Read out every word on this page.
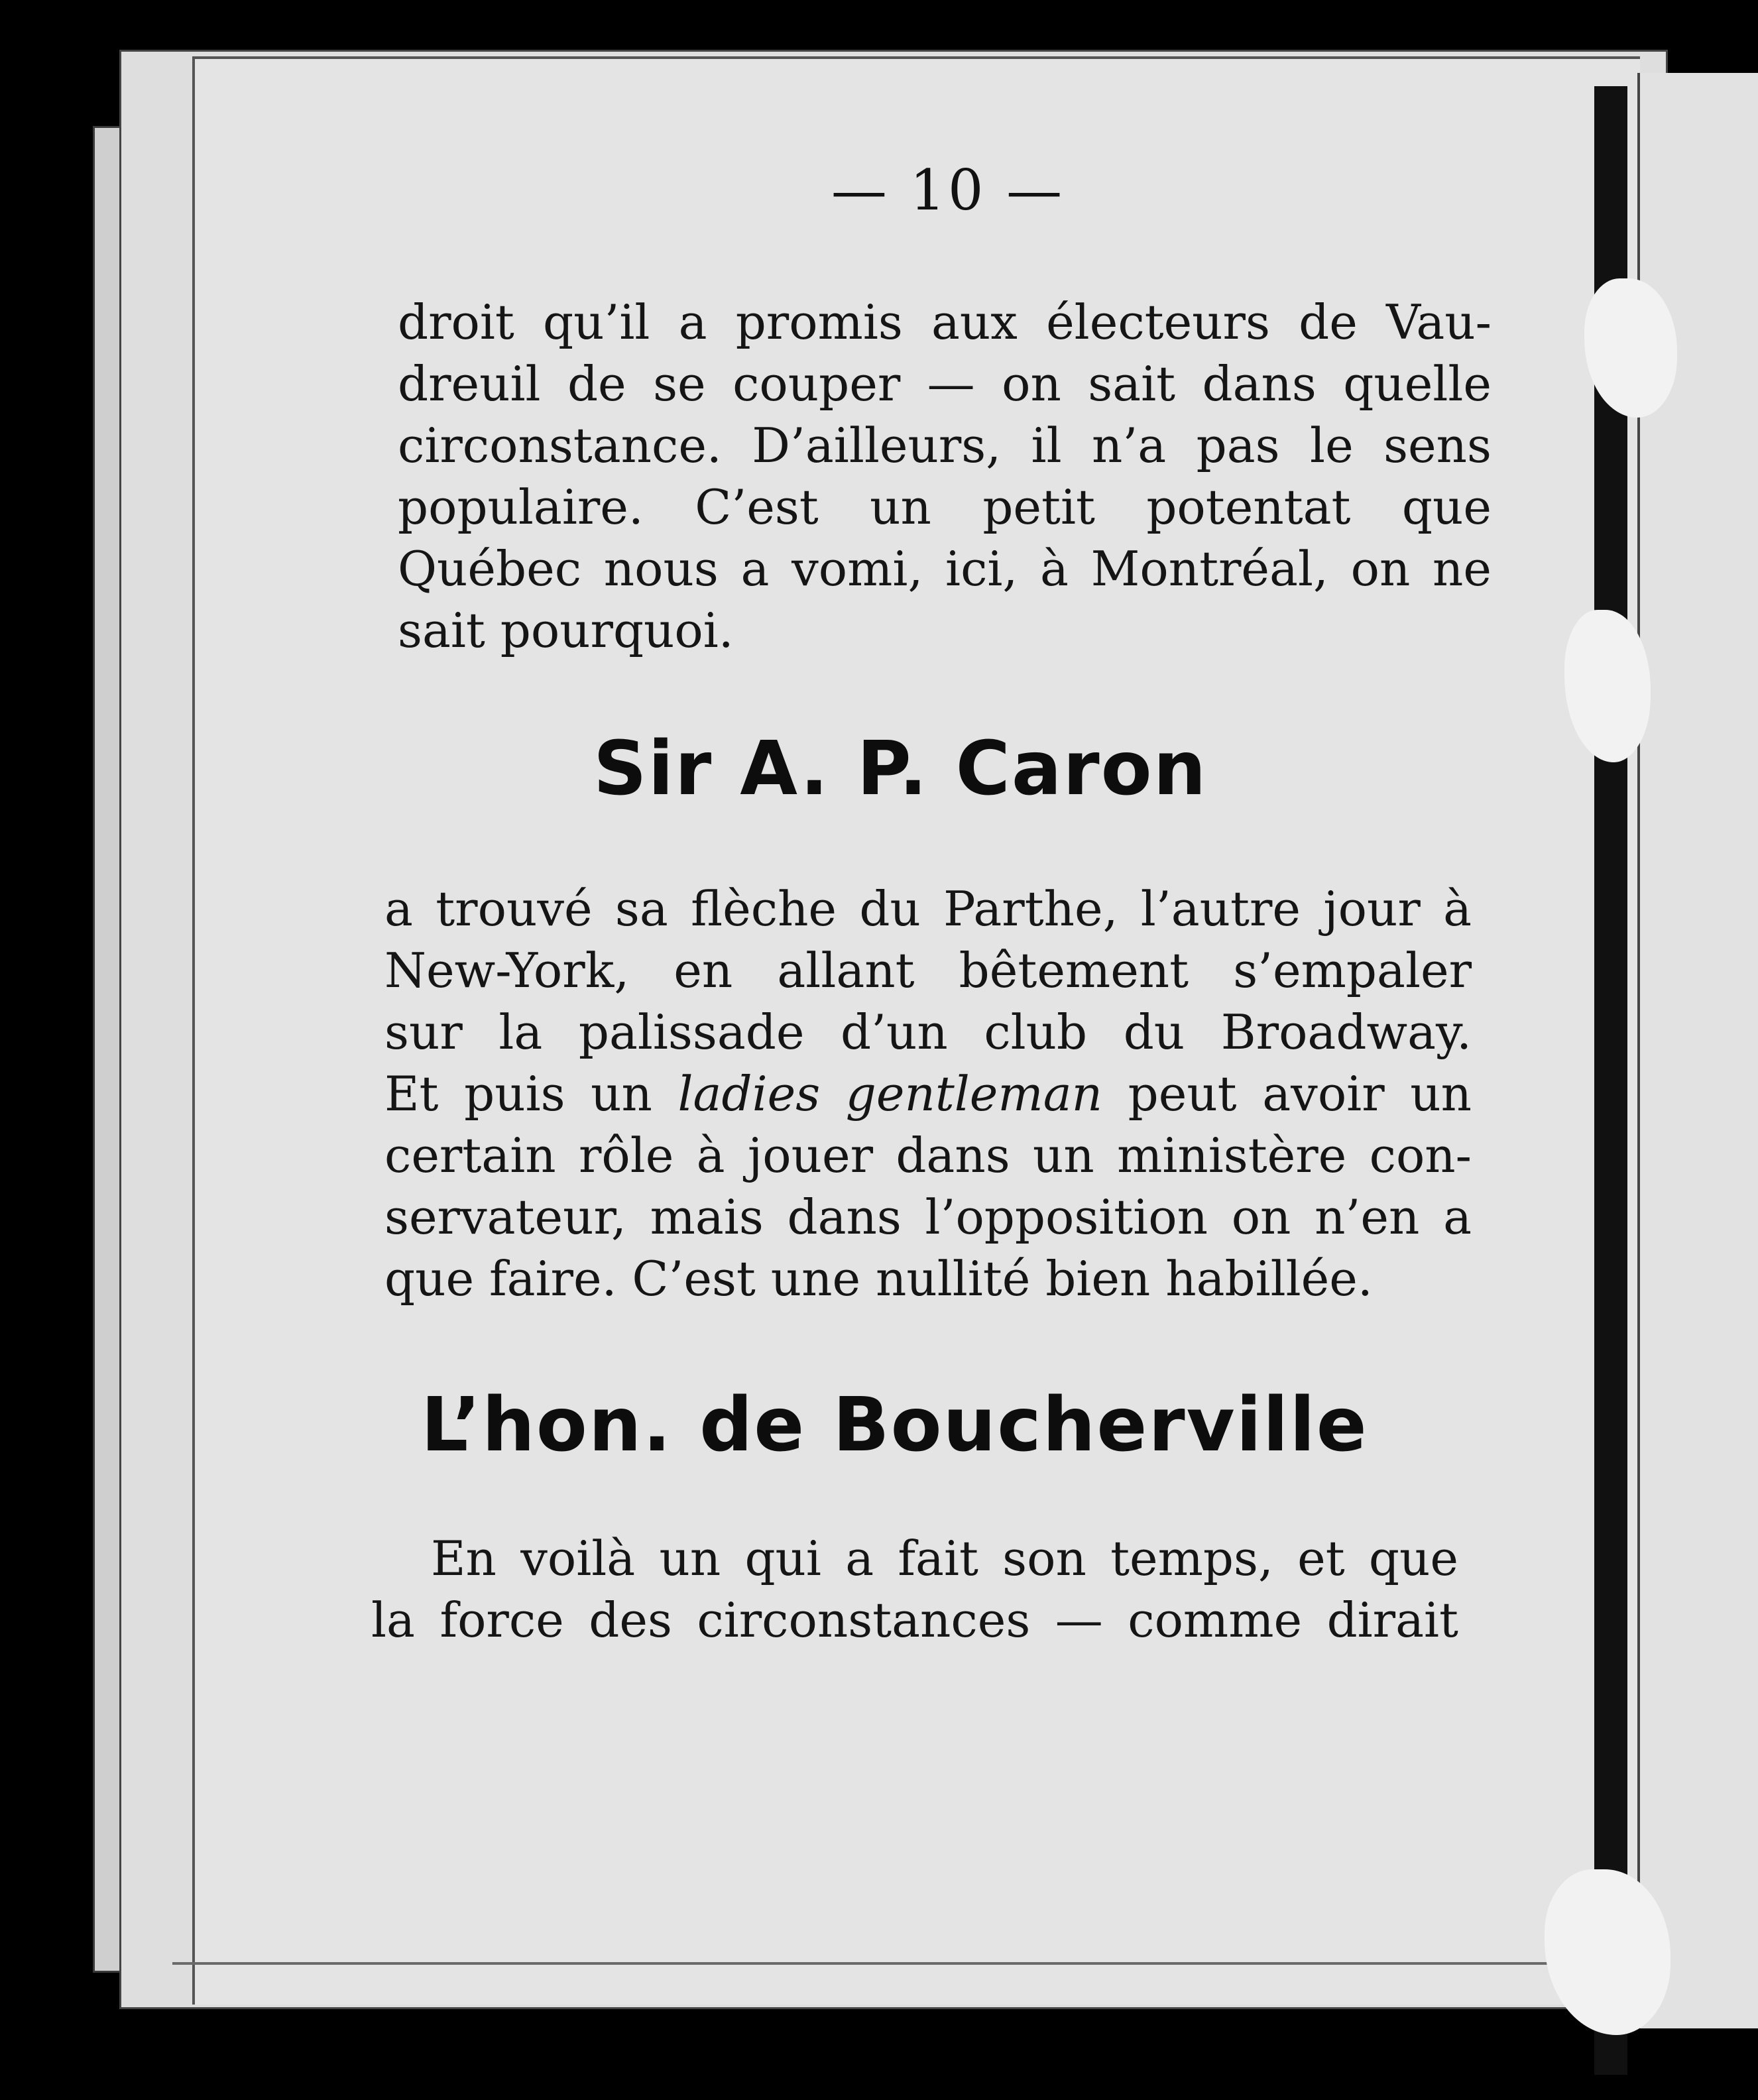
— 10 —
droit qu’il a promis aux électeurs de Vau-
dreuil de se couper — on sait dans quelle
circonstance. D’ailleurs, il n’a pas le sens
populaire. C’est un petit potentat que
Québec nous a vomi, ici, à Montréal, on ne
sait pourquoi.
Sir A. P. Caron
a trouvé sa flèche du Parthe, l’autre jour à
New-York, en allant bêtement s’empaler
sur la palissade d’un club du Broadway.
Et puis un ladies gentleman peut avoir un
certain rôle à jouer dans un ministère con-
servateur, mais dans l’opposition on n’en a
que faire. C’est une nullité bien habillée.
L’hon. de Boucherville
En voilà un qui a fait son temps, et que
la force des circonstances — comme dirait
